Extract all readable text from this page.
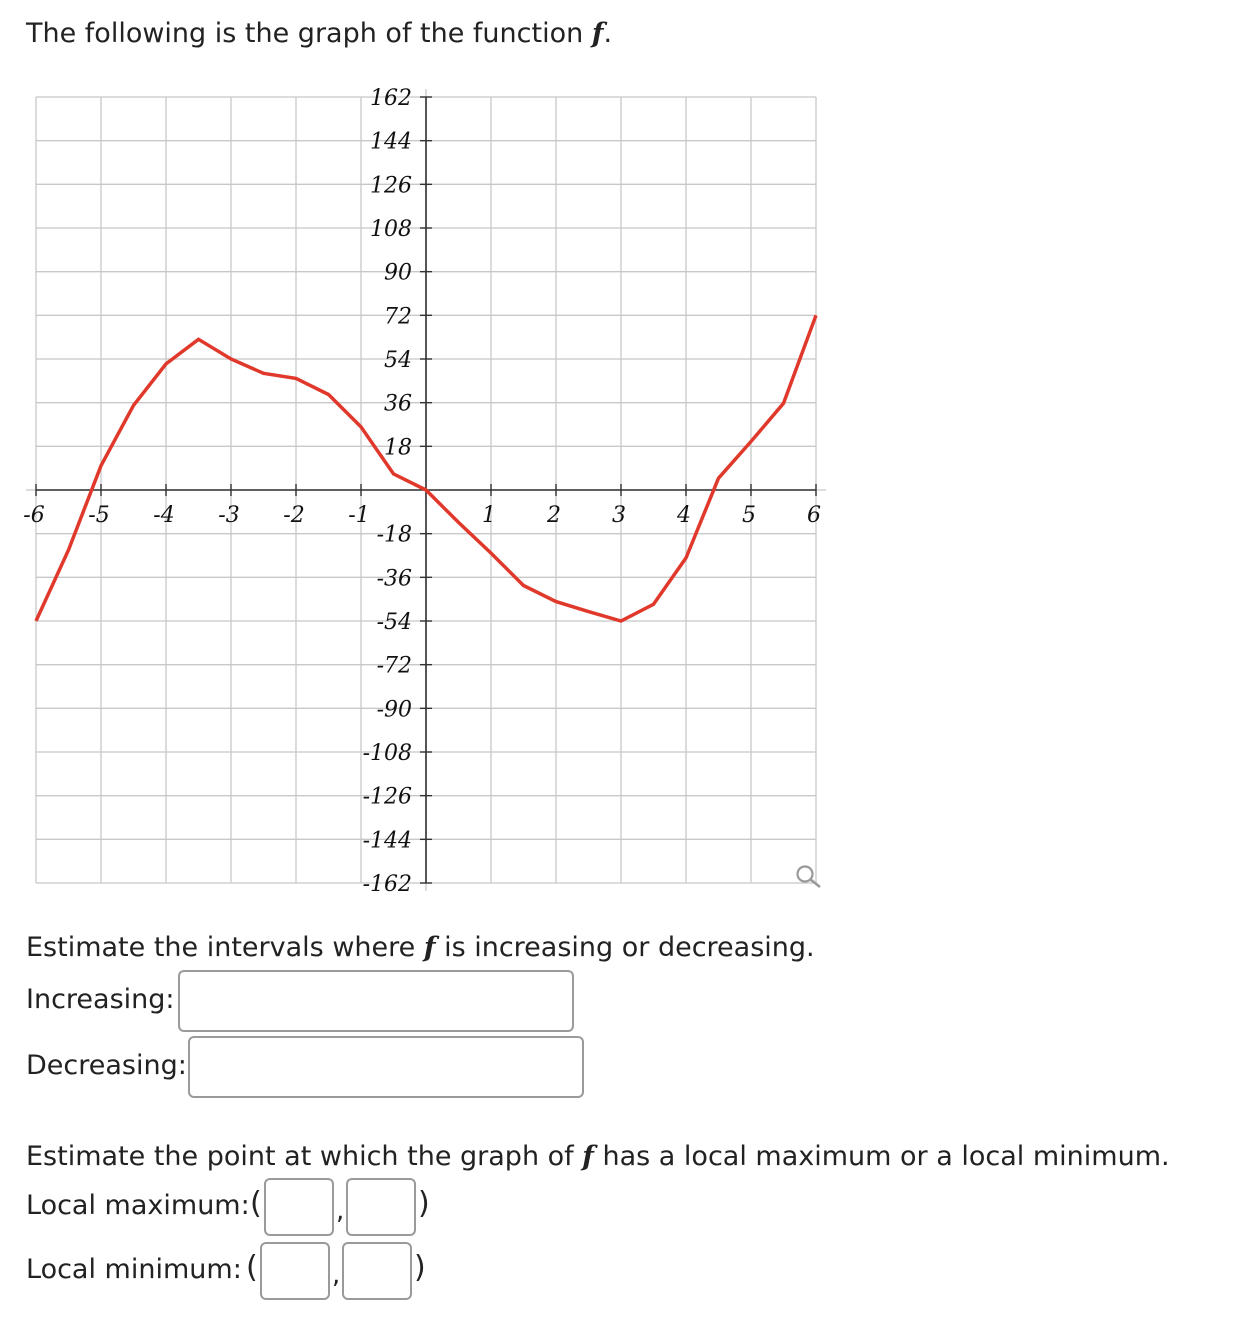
The following is the graph of the function f.
-6 -5 -4 -3 -2 -1	1 2 3 4 5 6
162
144
126
108
90
72
54
36
18
-18
-36
-54
-72
-90
-108
-126
-144
-162
Estimate the intervals where f is increasing or decreasing.
Increasing:
Decreasing:
Estimate the point at which the graph of f has a local maximum or a local minimum.
Local maximum: (	, )
Local minimum: (	, )
